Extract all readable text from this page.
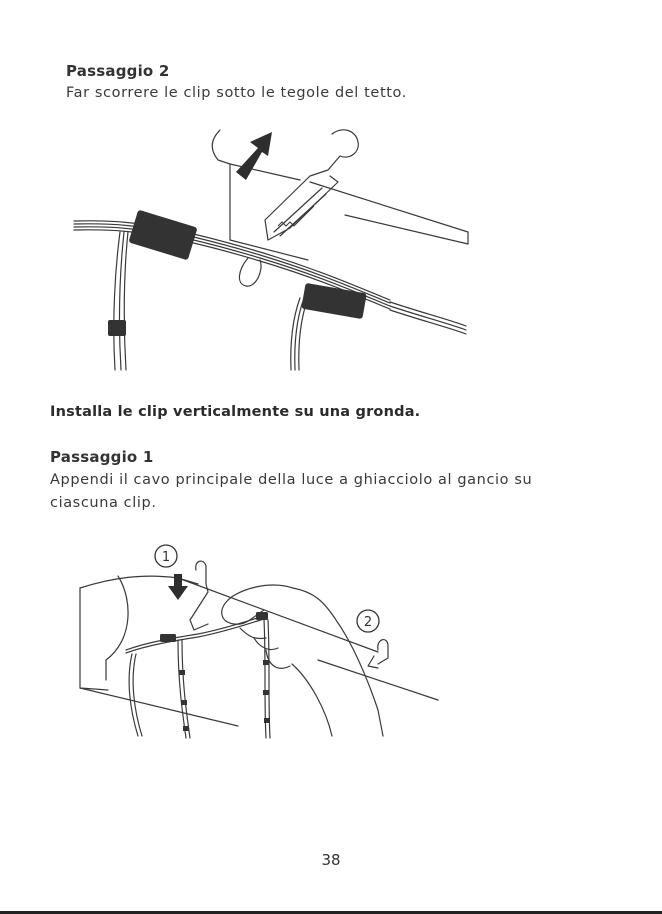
Passaggio 2
Far scorrere le clip sotto le tegole del tetto.
Installa le clip verticalmente su una gronda.
Passaggio 1
Appendi il cavo principale della luce a ghiacciolo al gancio su
ciascuna clip.
1
2
38
